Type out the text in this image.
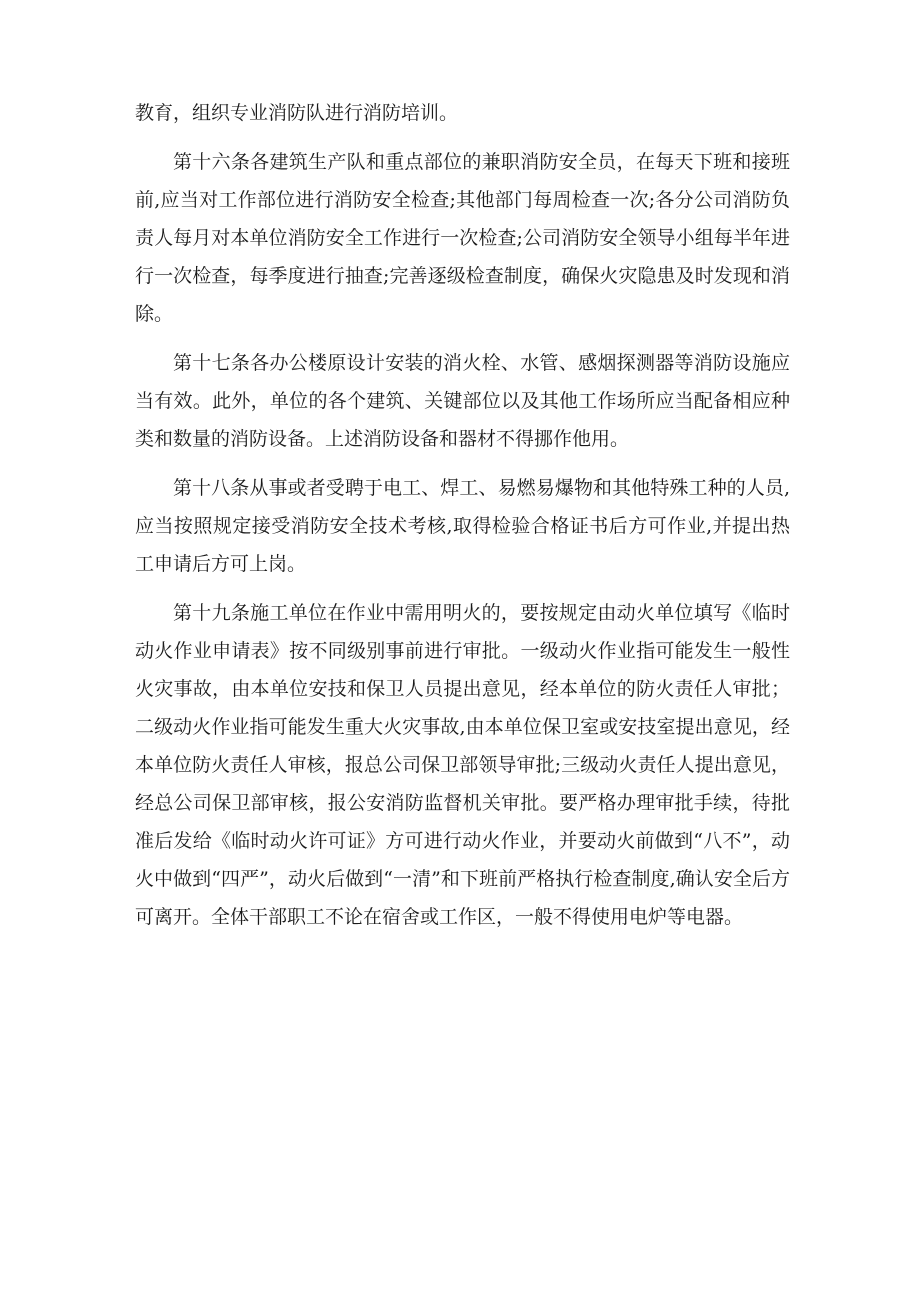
教育，组织专业消防队进行消防培训。

第十六条各建筑生产队和重点部位的兼职消防安全员，在每天下班和接班前,应当对工作部位进行消防安全检查;其他部门每周检查一次;各分公司消防负责人每月对本单位消防安全工作进行一次检查;公司消防安全领导小组每半年进行一次检查，每季度进行抽查;完善逐级检查制度，确保火灾隐患及时发现和消除。

第十七条各办公楼原设计安装的消火栓、水管、感烟探测器等消防设施应当有效。此外，单位的各个建筑、关键部位以及其他工作场所应当配备相应种类和数量的消防设备。上述消防设备和器材不得挪作他用。

第十八条从事或者受聘于电工、焊工、易燃易爆物和其他特殊工种的人员,应当按照规定接受消防安全技术考核,取得检验合格证书后方可作业,并提出热工申请后方可上岗。

第十九条施工单位在作业中需用明火的，要按规定由动火单位填写《临时动火作业申请表》按不同级别事前进行审批。一级动火作业指可能发生一般性火灾事故，由本单位安技和保卫人员提出意见，经本单位的防火责任人审批；二级动火作业指可能发生重大火灾事故,由本单位保卫室或安技室提出意见，经本单位防火责任人审核，报总公司保卫部领导审批;三级动火责任人提出意见，经总公司保卫部审核，报公安消防监督机关审批。要严格办理审批手续，待批准后发给《临时动火许可证》方可进行动火作业，并要动火前做到“八不”，动火中做到“四严”，动火后做到“一清”和下班前严格执行检查制度,确认安全后方可离开。全体干部职工不论在宿舍或工作区，一般不得使用电炉等电器。
